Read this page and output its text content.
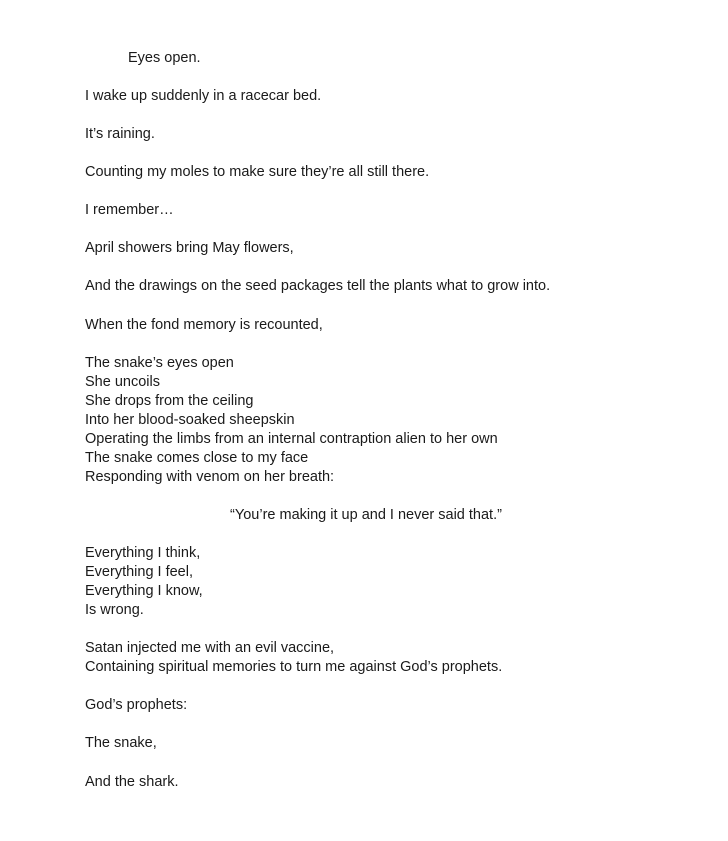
Eyes open.
I wake up suddenly in a racecar bed.
It’s raining.
Counting my moles to make sure they’re all still there.
I remember…
April showers bring May flowers,
And the drawings on the seed packages tell the plants what to grow into.
When the fond memory is recounted,
The snake’s eyes open
She uncoils
She drops from the ceiling
Into her blood-soaked sheepskin
Operating the limbs from an internal contraption alien to her own
The snake comes close to my face
Responding with venom on her breath:
“You’re making it up and I never said that.”
Everything I think,
Everything I feel,
Everything I know,
Is wrong.
Satan injected me with an evil vaccine,
Containing spiritual memories to turn me against God’s prophets.
God’s prophets:
The snake,
And the shark.
